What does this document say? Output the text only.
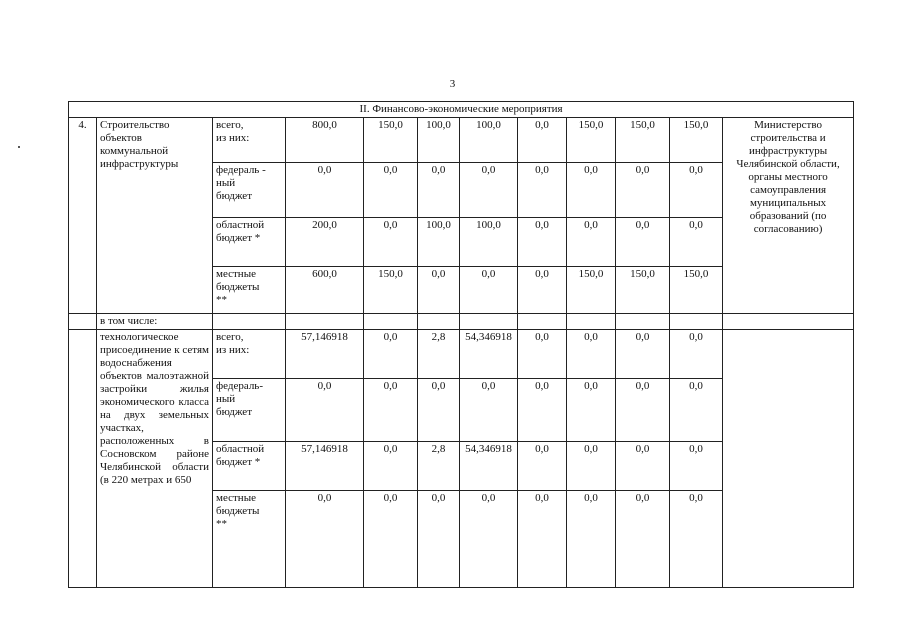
3
II. Финансово-экономические мероприятия											
4.	Строительство объектов коммунальной инфраструктуры	всего,
из них:	800,0	150,0	100,0	100,0	0,0	150,0	150,0	150,0	Министерство строительства и инфраструктуры Челябинской области, органы местного самоуправления муниципальных образований (по согласованию)
		федераль -
ный
бюджет	0,0	0,0	0,0	0,0	0,0	0,0	0,0	0,0	
		областной
бюджет *	200,0	0,0	100,0	100,0	0,0	0,0	0,0	0,0	
		местные
бюджеты
**	600,0	150,0	0,0	0,0	0,0	150,0	150,0	150,0	
	в том числе:										
	технологическое присоединение к сетям водоснабжения объектов малоэтажной застройки жилья экономического класса на двух земельных участках, расположенных в Сосновском районе Челябинской области (в 220 метрах и 650	всего,
из них:	57,146918	0,0	2,8	54,346918	0,0	0,0	0,0	0,0	
		федераль-
ный
бюджет	0,0	0,0	0,0	0,0	0,0	0,0	0,0	0,0	
		областной
бюджет *	57,146918	0,0	2,8	54,346918	0,0	0,0	0,0	0,0	
		местные
бюджеты
**	0,0	0,0	0,0	0,0	0,0	0,0	0,0	0,0	
